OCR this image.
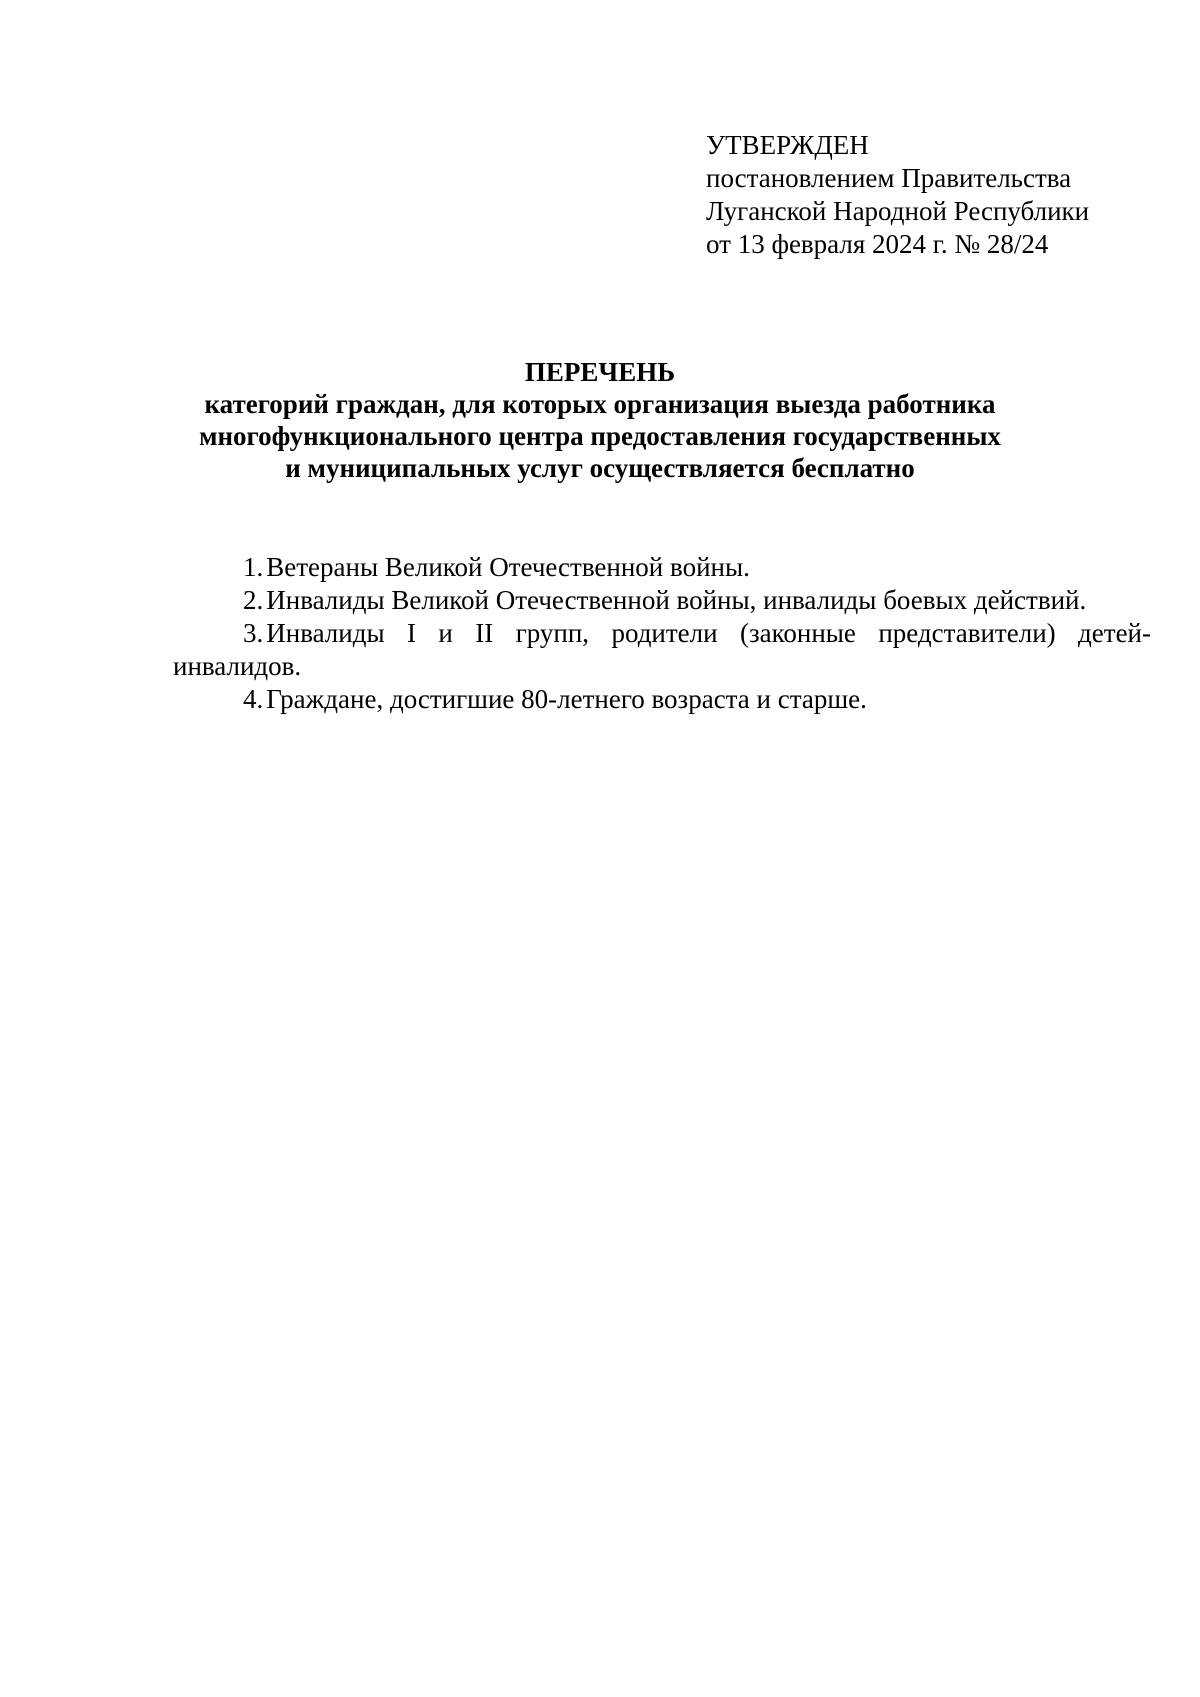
УТВЕРЖДЕН
постановлением Правительства
Луганской Народной Республики
от 13 февраля 2024 г. № 28/24
ПЕРЕЧЕНЬ
категорий граждан, для которых организация выезда работника
многофункционального центра предоставления государственных
и муниципальных услуг осуществляется бесплатно
1. Ветераны Великой Отечественной войны.
2. Инвалиды Великой Отечественной войны, инвалиды боевых действий.
3. Инвалиды I и II групп, родители (законные представители) детей-инвалидов.
4. Граждане, достигшие 80-летнего возраста и старше.
